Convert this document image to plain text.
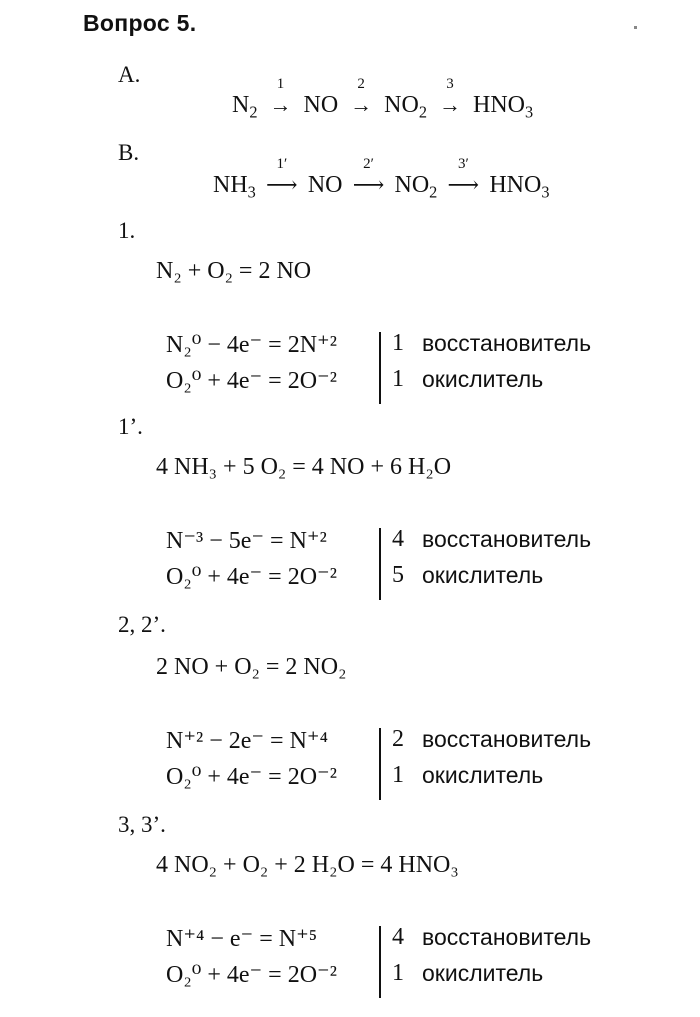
Вопрос 5.
A.
$N_2$
1
→ NO
2
→ $NO_2$
3
→ $HNO_3$
B.
$NH_3$
1′
⟶ NO
2′
⟶ $NO_2$
3′
⟶ $HNO_3$
1.
N₂ + O₂ = 2 NO
N₂⁰ − 4e⁻ = 2N⁺² 1 восстановитель
O₂⁰ + 4e⁻ = 2O⁻² 1 окислитель
1’.
4 NH₃ + 5 O₂ = 4 NO + 6 H₂O
N⁻³ − 5e⁻ = N⁺²	4 восстановитель
O₂⁰ + 4e⁻ = 2O⁻² 5 окислитель
2, 2’.
2 NO + O₂ = 2 NO₂
N⁺² − 2e⁻ = N⁺⁴	2 восстановитель
O₂⁰ + 4e⁻ = 2O⁻² 1 окислитель
3, 3’.
4 NO₂ + O₂ + 2 H₂O = 4 HNO₃
N⁺⁴ − e⁻ = N⁺⁵	4 восстановитель
O₂⁰ + 4e⁻ = 2O⁻² 1 окислитель
